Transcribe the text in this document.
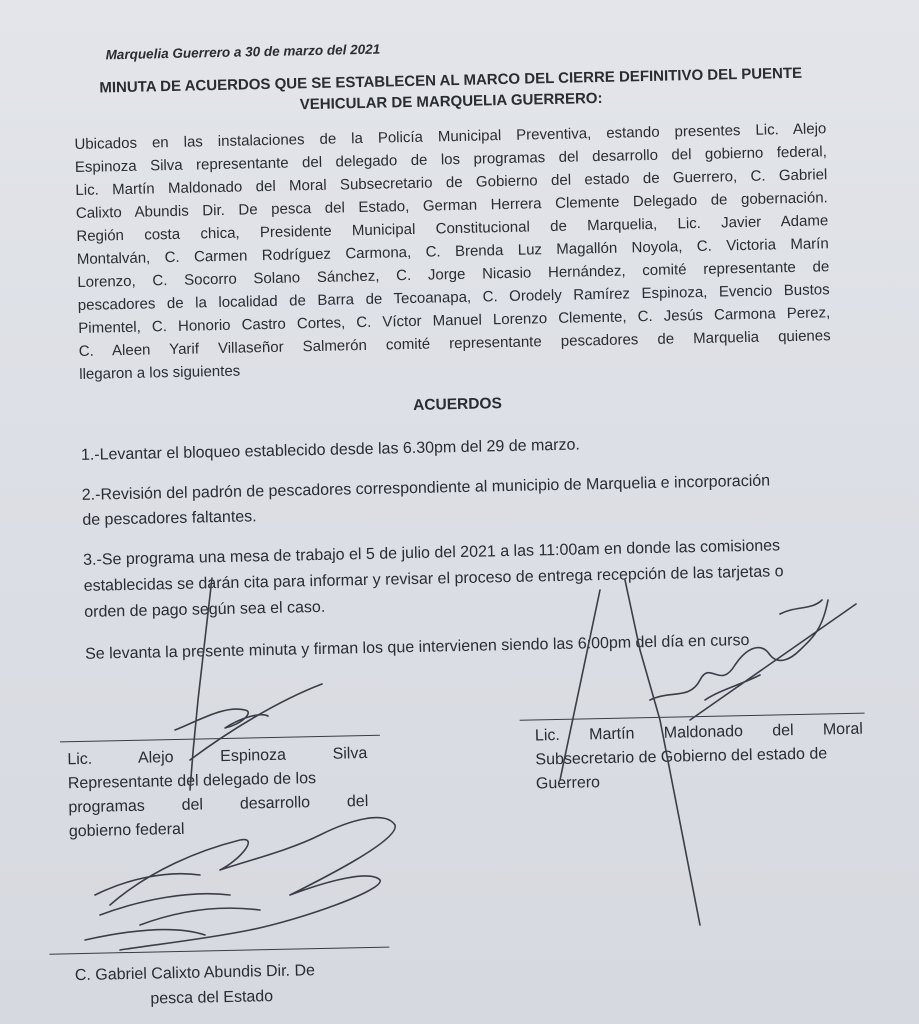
Marquelia Guerrero a 30 de marzo del 2021
MINUTA DE ACUERDOS QUE SE ESTABLECEN AL MARCO DEL CIERRE DEFINITIVO DEL PUENTE
VEHICULAR DE MARQUELIA GUERRERO:
Ubicados en las instalaciones de la Policía Municipal Preventiva, estando presentes Lic. Alejo
Espinoza Silva representante del delegado de los programas del desarrollo del gobierno federal,
Lic. Martín Maldonado del Moral Subsecretario de Gobierno del estado de Guerrero, C. Gabriel
Calixto Abundis Dir. De pesca del Estado, German Herrera Clemente Delegado de gobernación.
Región costa chica, Presidente Municipal Constitucional de Marquelia, Lic. Javier Adame
Montalván, C. Carmen Rodríguez Carmona, C. Brenda Luz Magallón Noyola, C. Victoria Marín
Lorenzo, C. Socorro Solano Sánchez, C. Jorge Nicasio Hernández, comité representante de
pescadores de la localidad de Barra de Tecoanapa, C. Orodely Ramírez Espinoza, Evencio Bustos
Pimentel, C. Honorio Castro Cortes, C. Víctor Manuel Lorenzo Clemente, C. Jesús Carmona Perez,
C. Aleen Yarif Villaseñor Salmerón comité representante pescadores de Marquelia quienes
llegaron a los siguientes
ACUERDOS
1.-Levantar el bloqueo establecido desde las 6.30pm del 29 de marzo.
2.-Revisión del padrón de pescadores correspondiente al municipio de Marquelia e incorporación
de pescadores faltantes.
3.-Se programa una mesa de trabajo el 5 de julio del 2021 a las 11:00am en donde las comisiones
establecidas se darán cita para informar y revisar el proceso de entrega recepción de las tarjetas o
orden de pago según sea el caso.
Se levanta la presente minuta y firman los que intervienen siendo las 6:00pm del día en curso
Lic. Alejo Espinoza Silva
Representante del delegado de los
programas del desarrollo del
gobierno federal
Lic. Martín Maldonado del Moral
Subsecretario de Gobierno del estado de
Guerrero
C. Gabriel Calixto Abundis Dir. De
pesca del Estado
